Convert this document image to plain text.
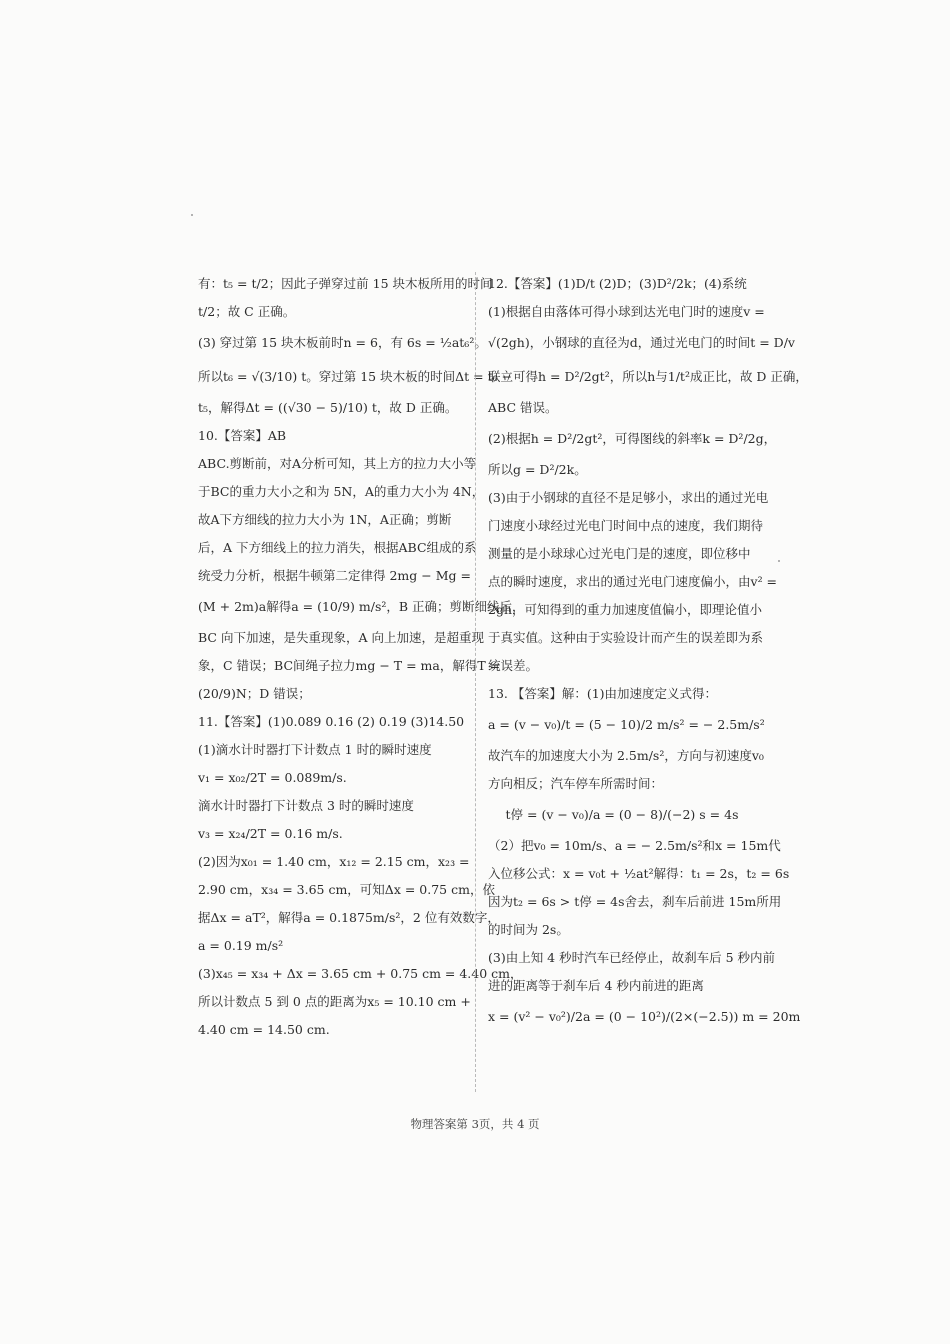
有：t₅ = t/2；因此子弹穿过前 15 块木板所用的时间
t/2；故 C 正确。
(3) 穿过第 15 块木板前时n = 6，有 6s = ½at₆²。
所以t₆ = √(3/10) t。穿过第 15 块木板的时间Δt = t₆ −
t₅，解得Δt = ((√30 − 5)/10) t，故 D 正确。
10.【答案】AB
ABC.剪断前，对A分析可知，其上方的拉力大小等
于BC的重力大小之和为 5N，A的重力大小为 4N，
故A下方细线的拉力大小为 1N，A正确；剪断
后，A 下方细线上的拉力消失，根据ABC组成的系
统受力分析，根据牛顿第二定律得 2mg − Mg =
(M + 2m)a解得a = (10/9) m/s²，B 正确；剪断细线后，
BC 向下加速，是失重现象，A 向上加速，是超重现
象，C 错误；BC间绳子拉力mg − T = ma，解得T =
(20/9)N；D 错误；
11.【答案】(1)0.089 0.16 (2) 0.19 (3)14.50
(1)滴水计时器打下计数点 1 时的瞬时速度
v₁ = x₀₂/2T = 0.089m/s.
滴水计时器打下计数点 3 时的瞬时速度
v₃ = x₂₄/2T = 0.16 m/s.
(2)因为x₀₁ = 1.40 cm，x₁₂ = 2.15 cm，x₂₃ =
2.90 cm，x₃₄ = 3.65 cm，可知Δx = 0.75 cm，依
据Δx = aT²，解得a = 0.1875m/s²，2 位有效数字，
a = 0.19 m/s²
(3)x₄₅ = x₃₄ + Δx = 3.65 cm + 0.75 cm = 4.40 cm，
所以计数点 5 到 0 点的距离为x₅ = 10.10 cm +
4.40 cm = 14.50 cm.
12.【答案】(1)D/t (2)D；(3)D²/2k；(4)系统
(1)根据自由落体可得小球到达光电门时的速度v =
√(2gh)，小钢球的直径为d，通过光电门的时间t = D/v
联立可得h = D²/2gt²，所以h与1/t²成正比，故 D 正确，
ABC 错误。
(2)根据h = D²/2gt²，可得图线的斜率k = D²/2g，
所以g = D²/2k。
(3)由于小钢球的直径不是足够小，求出的通过光电
门速度小球经过光电门时间中点的速度，我们期待
测量的是小球球心过光电门是的速度，即位移中
点的瞬时速度，求出的通过光电门速度偏小，由v² =
2gh，可知得到的重力加速度值偏小，即理论值小
于真实值。这种由于实验设计而产生的误差即为系
统误差。
13. 【答案】解：(1)由加速度定义式得：
a = (v − v₀)/t = (5 − 10)/2 m/s² = − 2.5m/s²
故汽车的加速度大小为 2.5m/s²，方向与初速度v₀
方向相反；汽车停车所需时间：
t停 = (v − v₀)/a = (0 − 8)/(−2) s = 4s
（2）把v₀ = 10m/s、a = − 2.5m/s²和x = 15m代
入位移公式：x = v₀t + ½at²解得：t₁ = 2s，t₂ = 6s
因为t₂ = 6s > t停 = 4s舍去，刹车后前进 15m所用
的时间为 2s。
(3)由上知 4 秒时汽车已经停止，故刹车后 5 秒内前
进的距离等于刹车后 4 秒内前进的距离
x = (v² − v₀²)/2a = (0 − 10²)/(2×(−2.5)) m = 20m
物理答案第 3页，共 4 页
